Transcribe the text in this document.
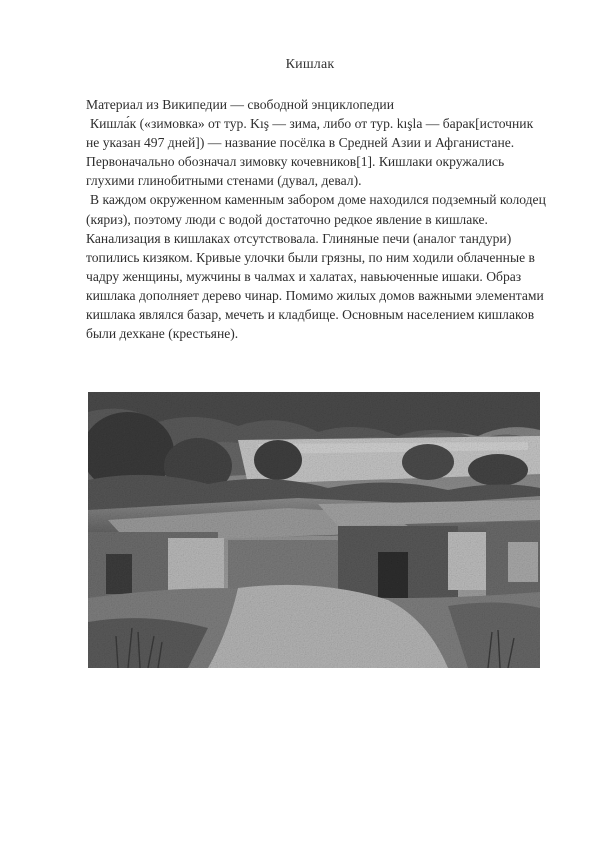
Кишлак

Материал из Википедии — свободной энциклопедии

Кишла́к («зимовка» от тур. Kış — зима, либо от тур. kışla — барак[источник не указан 497 дней]) — название посёлка в Средней Азии и Афганистане. Первоначально обозначал зимовку кочевников[1]. Кишлаки окружались глухими глинобитными стенами (дувал, девал).

В каждом окруженном каменным забором доме находился подземный колодец (кяриз), поэтому люди с водой достаточно редкое явление в кишлаке. Канализация в кишлаках отсутствовала. Глиняные печи (аналог тандури) топились кизяком. Кривые улочки были грязны, по ним ходили облаченные в чадру женщины, мужчины в чалмах и халатах, навьюченные ишаки. Образ кишлака дополняет дерево чинар. Помимо жилых домов важными элементами кишлака являлся базар, мечеть и кладбище. Основным населением кишлаков были дехкане (крестьяне).
